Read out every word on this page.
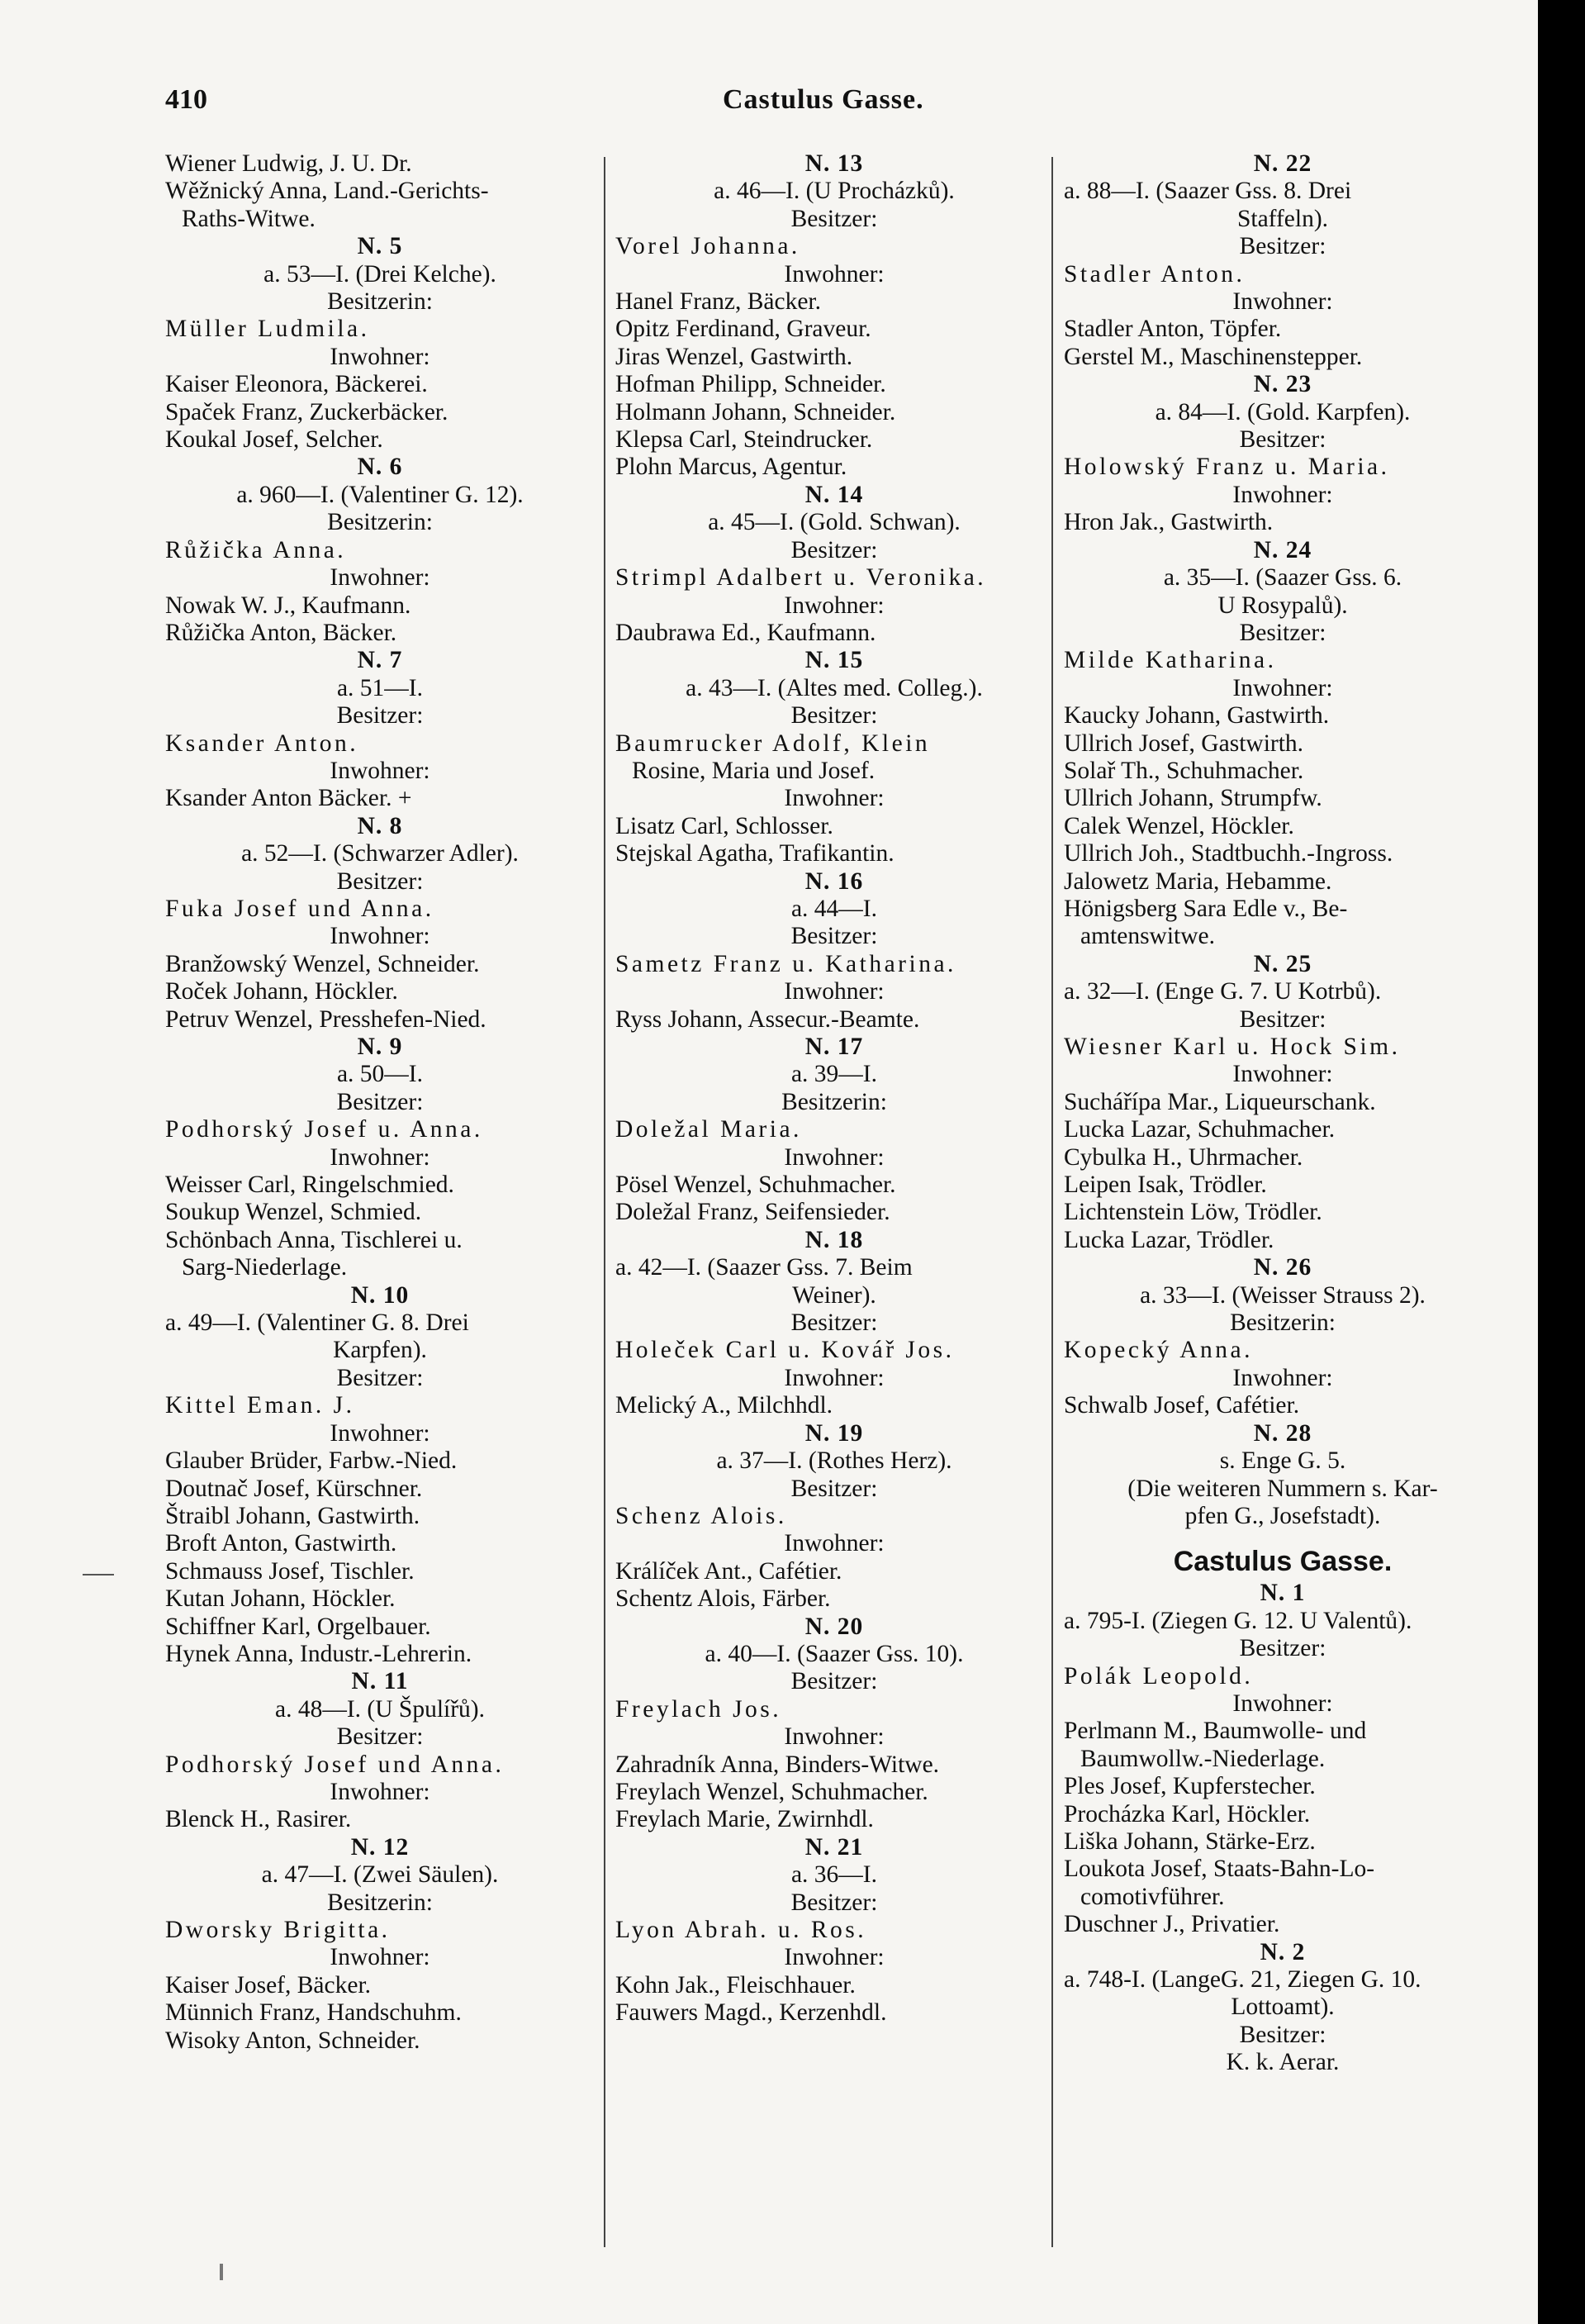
410	Castulus Gasse.
Wiener Ludwig, J. U. Dr.
Wěžnický Anna, Land.-Gerichts-
Raths-Witwe.
N. 5
a. 53—I. (Drei Kelche).
Besitzerin:
Müller Ludmila.
Inwohner:
Kaiser Eleonora, Bäckerei.
Spaček Franz, Zuckerbäcker.
Koukal Josef, Selcher.
N. 6
a. 960—I. (Valentiner G. 12).
Besitzerin:
Růžička Anna.
Inwohner:
Nowak W. J., Kaufmann.
Růžička Anton, Bäcker.
N. 7
a. 51—I.
Besitzer:
Ksander Anton.
Inwohner:
Ksander Anton Bäcker. +
N. 8
a. 52—I. (Schwarzer Adler).
Besitzer:
Fuka Josef und Anna.
Inwohner:
Branžowský Wenzel, Schneider.
Roček Johann, Höckler.
Petruv Wenzel, Presshefen-Nied.
N. 9
a. 50—I.
Besitzer:
Podhorský Josef u. Anna.
Inwohner:
Weisser Carl, Ringelschmied.
Soukup Wenzel, Schmied.
Schönbach Anna, Tischlerei u.
Sarg-Niederlage.
N. 10
a. 49—I. (Valentiner G. 8. Drei
Karpfen).
Besitzer:
Kittel Eman. J.
Inwohner:
Glauber Brüder, Farbw.-Nied.
Doutnač Josef, Kürschner.
Štraibl Johann, Gastwirth.
Broft Anton, Gastwirth.
Schmauss Josef, Tischler.
Kutan Johann, Höckler.
Schiffner Karl, Orgelbauer.
Hynek Anna, Industr.-Lehrerin.
N. 11
a. 48—I. (U Špulířů).
Besitzer:
Podhorský Josef und Anna.
Inwohner:
Blenck H., Rasirer.
N. 12
a. 47—I. (Zwei Säulen).
Besitzerin:
Dworsky Brigitta.
Inwohner:
Kaiser Josef, Bäcker.
Münnich Franz, Handschuhm.
Wisoky Anton, Schneider.
N. 13
a. 46—I. (U Procházků).
Besitzer:
Vorel Johanna.
Inwohner:
Hanel Franz, Bäcker.
Opitz Ferdinand, Graveur.
Jiras Wenzel, Gastwirth.
Hofman Philipp, Schneider.
Holmann Johann, Schneider.
Klepsa Carl, Steindrucker.
Plohn Marcus, Agentur.
N. 14
a. 45—I. (Gold. Schwan).
Besitzer:
Strimpl Adalbert u. Veronika.
Inwohner:
Daubrawa Ed., Kaufmann.
N. 15
a. 43—I. (Altes med. Colleg.).
Besitzer:
Baumrucker Adolf, Klein
Rosine, Maria und Josef.
Inwohner:
Lisatz Carl, Schlosser.
Stejskal Agatha, Trafikantin.
N. 16
a. 44—I.
Besitzer:
Sametz Franz u. Katharina.
Inwohner:
Ryss Johann, Assecur.-Beamte.
N. 17
a. 39—I.
Besitzerin:
Doležal Maria.
Inwohner:
Pösel Wenzel, Schuhmacher.
Doležal Franz, Seifensieder.
N. 18
a. 42—I. (Saazer Gss. 7. Beim
Weiner).
Besitzer:
Holeček Carl u. Kovář Jos.
Inwohner:
Melický A., Milchhdl.
N. 19
a. 37—I. (Rothes Herz).
Besitzer:
Schenz Alois.
Inwohner:
Králíček Ant., Cafétier.
Schentz Alois, Färber.
N. 20
a. 40—I. (Saazer Gss. 10).
Besitzer:
Freylach Jos.
Inwohner:
Zahradník Anna, Binders-Witwe.
Freylach Wenzel, Schuhmacher.
Freylach Marie, Zwirnhdl.
N. 21
a. 36—I.
Besitzer:
Lyon Abrah. u. Ros.
Inwohner:
Kohn Jak., Fleischhauer.
Fauwers Magd., Kerzenhdl.
N. 22
a. 88—I. (Saazer Gss. 8. Drei
Staffeln).
Besitzer:
Stadler Anton.
Inwohner:
Stadler Anton, Töpfer.
Gerstel M., Maschinenstepper.
N. 23
a. 84—I. (Gold. Karpfen).
Besitzer:
Holowský Franz u. Maria.
Inwohner:
Hron Jak., Gastwirth.
N. 24
a. 35—I. (Saazer Gss. 6.
U Rosypalů).
Besitzer:
Milde Katharina.
Inwohner:
Kaucky Johann, Gastwirth.
Ullrich Josef, Gastwirth.
Solař Th., Schuhmacher.
Ullrich Johann, Strumpfw.
Calek Wenzel, Höckler.
Ullrich Joh., Stadtbuchh.-Ingross.
Jalowetz Maria, Hebamme.
Hönigsberg Sara Edle v., Be-
amtenswitwe.
N. 25
a. 32—I. (Enge G. 7. U Kotrbů).
Besitzer:
Wiesner Karl u. Hock Sim.
Inwohner:
Suchářípa Mar., Liqueurschank.
Lucka Lazar, Schuhmacher.
Cybulka H., Uhrmacher.
Leipen Isak, Trödler.
Lichtenstein Löw, Trödler.
Lucka Lazar, Trödler.
N. 26
a. 33—I. (Weisser Strauss 2).
Besitzerin:
Kopecký Anna.
Inwohner:
Schwalb Josef, Cafétier.
N. 28
s. Enge G. 5.
(Die weiteren Nummern s. Kar-
pfen G., Josefstadt).
Castulus Gasse.
N. 1
a. 795-I. (Ziegen G. 12. U Valentů).
Besitzer:
Polák Leopold.
Inwohner:
Perlmann M., Baumwolle- und
Baumwollw.-Niederlage.
Ples Josef, Kupferstecher.
Procházka Karl, Höckler.
Liška Johann, Stärke-Erz.
Loukota Josef, Staats-Bahn-Lo-
comotivführer.
Duschner J., Privatier.
N. 2
a. 748-I. (LangeG. 21, Ziegen G. 10.
Lottoamt).
Besitzer:
K. k. Aerar.
